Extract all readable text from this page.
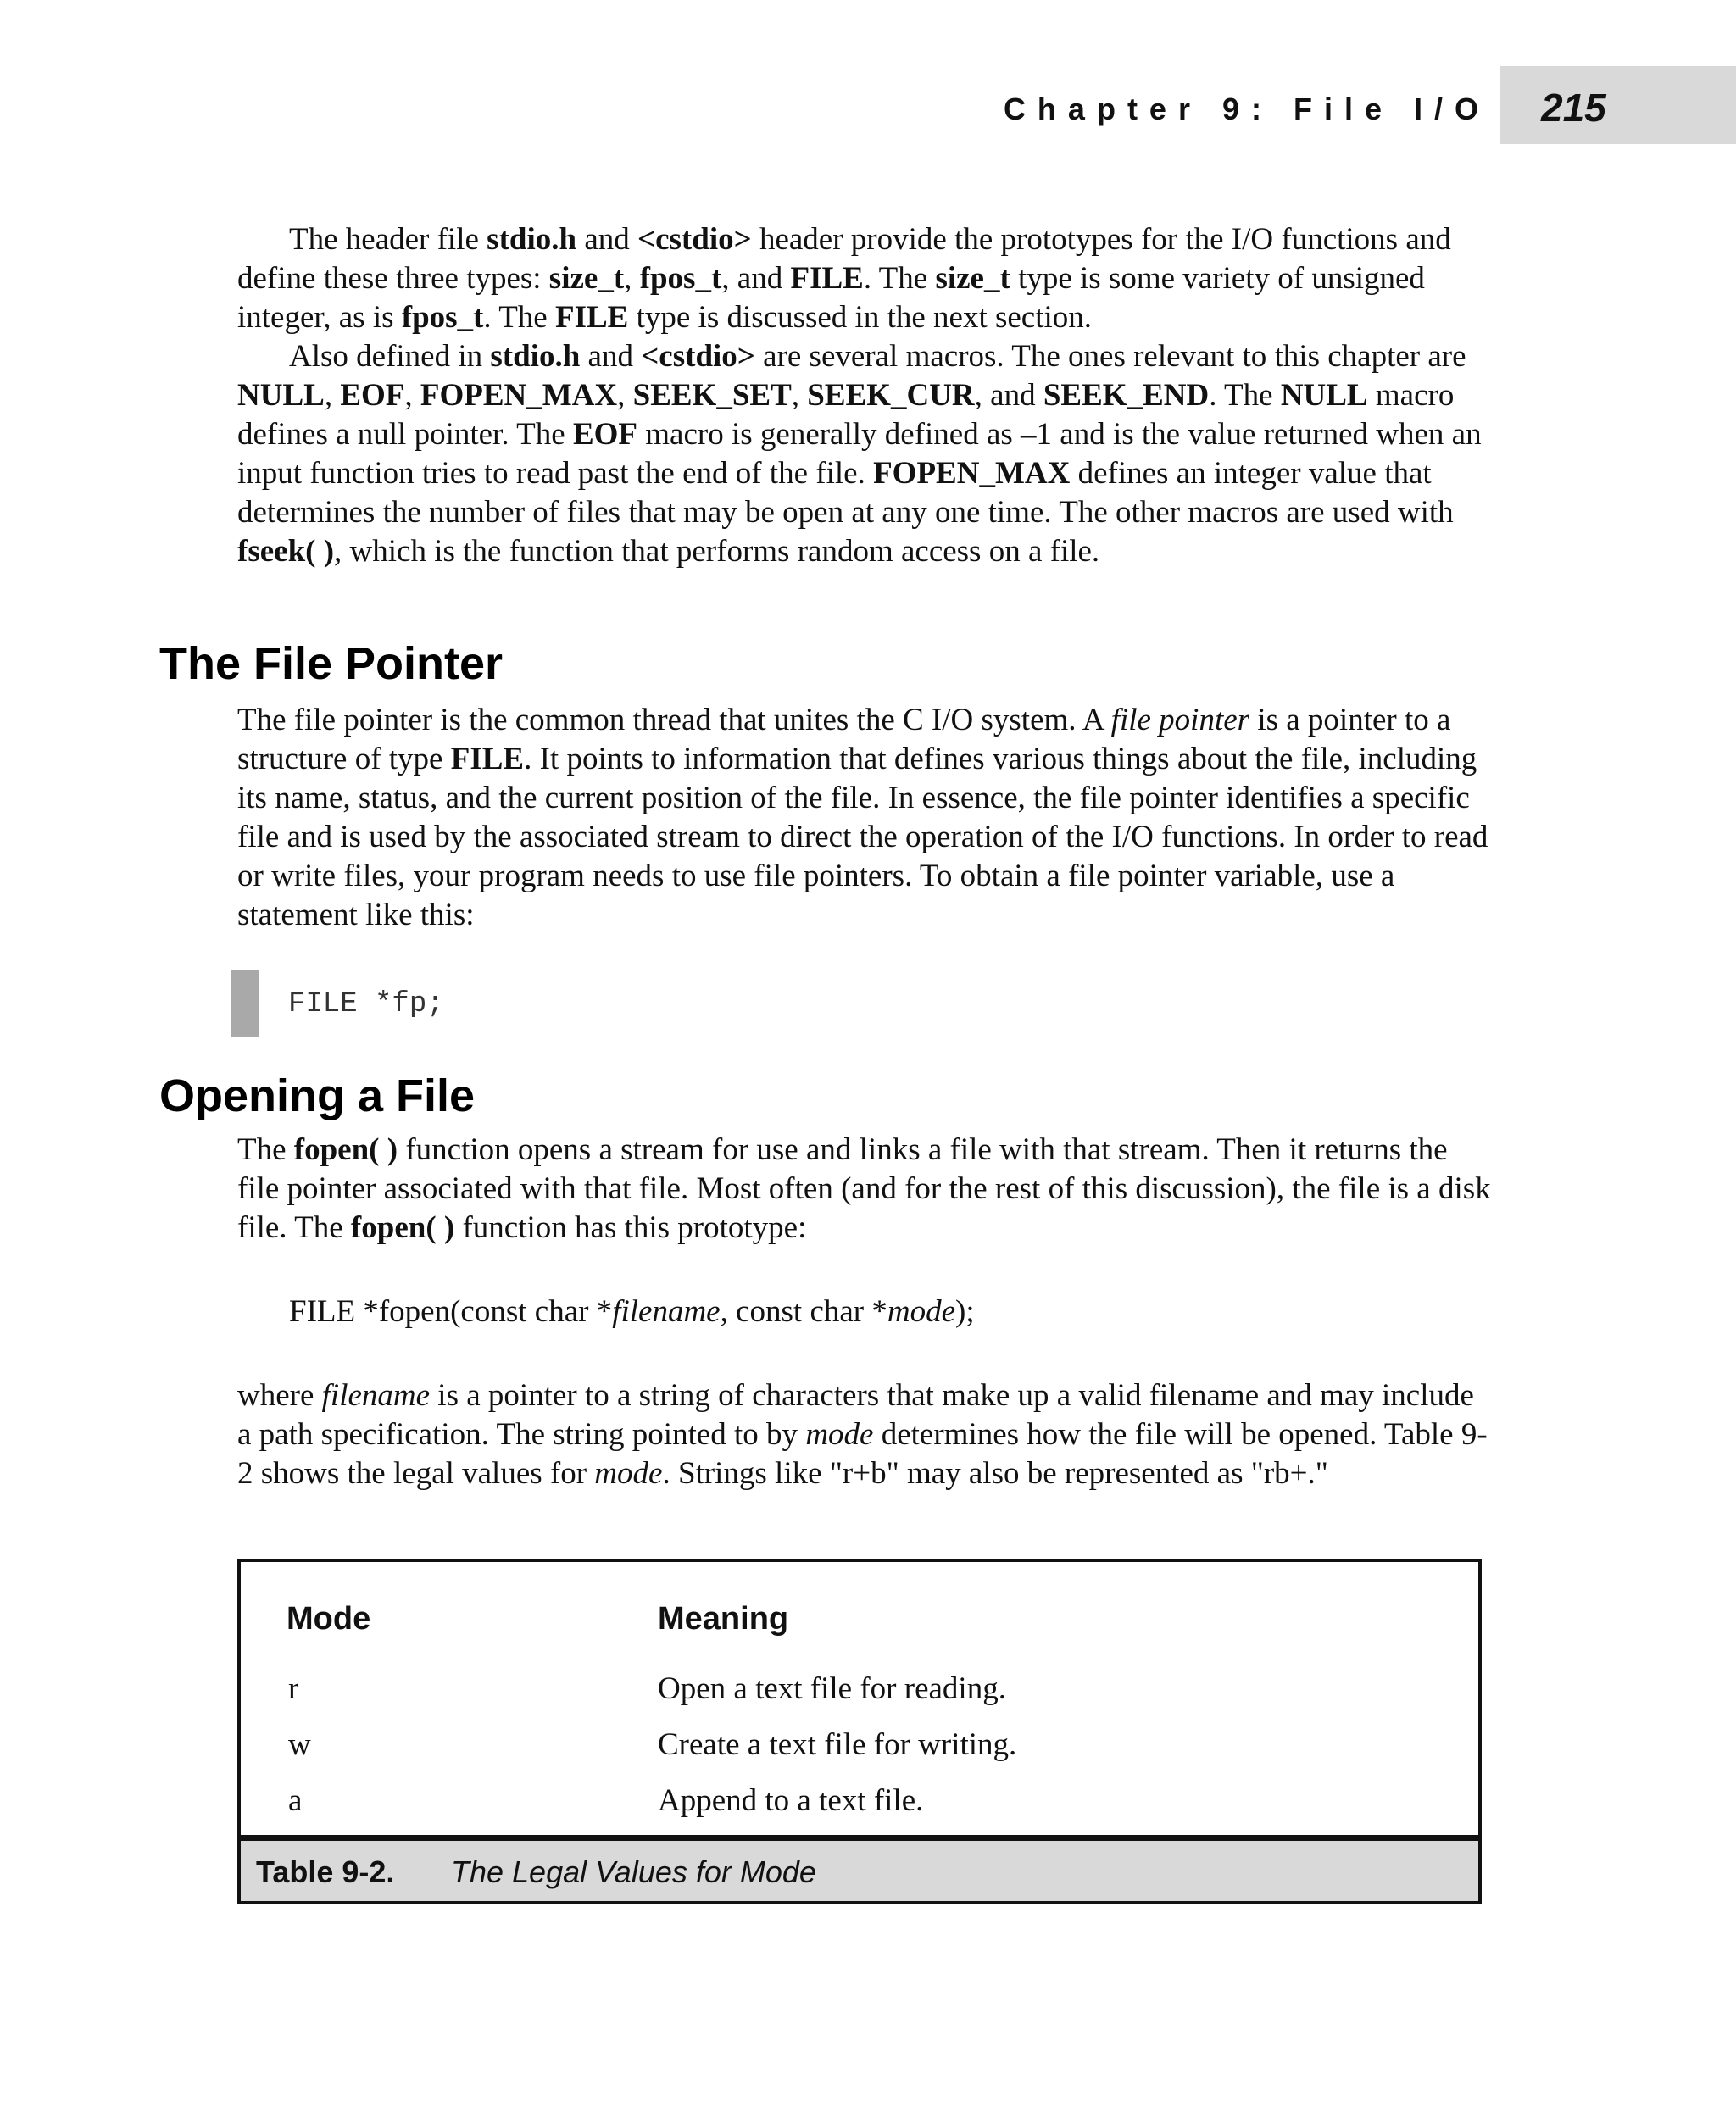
Chapter 9: File I/O 215

The header file stdio.h and <cstdio> header provide the prototypes for the I/O functions and define these three types: size_t, fpos_t, and FILE. The size_t type is some variety of unsigned integer, as is fpos_t. The FILE type is discussed in the next section.

Also defined in stdio.h and <cstdio> are several macros. The ones relevant to this chapter are NULL, EOF, FOPEN_MAX, SEEK_SET, SEEK_CUR, and SEEK_END. The NULL macro defines a null pointer. The EOF macro is generally defined as –1 and is the value returned when an input function tries to read past the end of the file. FOPEN_MAX defines an integer value that determines the number of files that may be open at any one time. The other macros are used with fseek( ), which is the function that performs random access on a file.

The File Pointer

The file pointer is the common thread that unites the C I/O system. A file pointer is a pointer to a structure of type FILE. It points to information that defines various things about the file, including its name, status, and the current position of the file. In essence, the file pointer identifies a specific file and is used by the associated stream to direct the operation of the I/O functions. In order to read or write files, your program needs to use file pointers. To obtain a file pointer variable, use a statement like this:

FILE *fp;
Opening a File

The fopen( ) function opens a stream for use and links a file with that stream. Then it returns the file pointer associated with that file. Most often (and for the rest of this discussion), the file is a disk file. The fopen( ) function has this prototype:

FILE *fopen(const char *filename, const char *mode);

where filename is a pointer to a string of characters that make up a valid filename and may include a path specification. The string pointed to by mode determines how the file will be opened. Table 9-2 shows the legal values for mode. Strings like "r+b" may also be represented as "rb+."

Mode	Meaning
r	Open a text file for reading.
w	Create a text file for writing.
a	Append to a text file.
Table 9-2. The Legal Values for Mode
